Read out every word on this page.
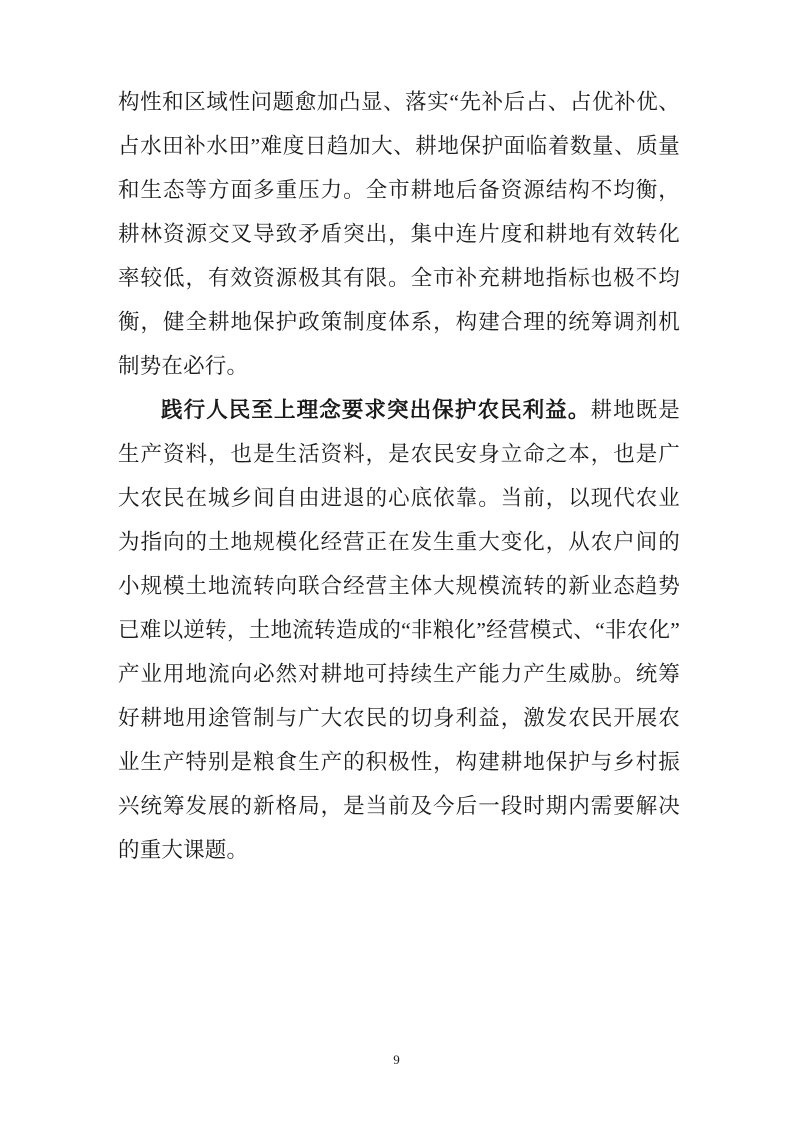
构性和区域性问题愈加凸显、落实“先补后占、占优补优、占水田补水田”难度日趋加大、耕地保护面临着数量、质量和生态等方面多重压力。全市耕地后备资源结构不均衡，耕林资源交叉导致矛盾突出，集中连片度和耕地有效转化率较低，有效资源极其有限。全市补充耕地指标也极不均衡，健全耕地保护政策制度体系，构建合理的统筹调剂机制势在必行。

践行人民至上理念要求突出保护农民利益。耕地既是生产资料，也是生活资料，是农民安身立命之本，也是广大农民在城乡间自由进退的心底依靠。当前，以现代农业为指向的土地规模化经营正在发生重大变化，从农户间的小规模土地流转向联合经营主体大规模流转的新业态趋势已难以逆转，土地流转造成的“非粮化”经营模式、“非农化”产业用地流向必然对耕地可持续生产能力产生威胁。统筹好耕地用途管制与广大农民的切身利益，激发农民开展农业生产特别是粮食生产的积极性，构建耕地保护与乡村振兴统筹发展的新格局，是当前及今后一段时期内需要解决的重大课题。

9
